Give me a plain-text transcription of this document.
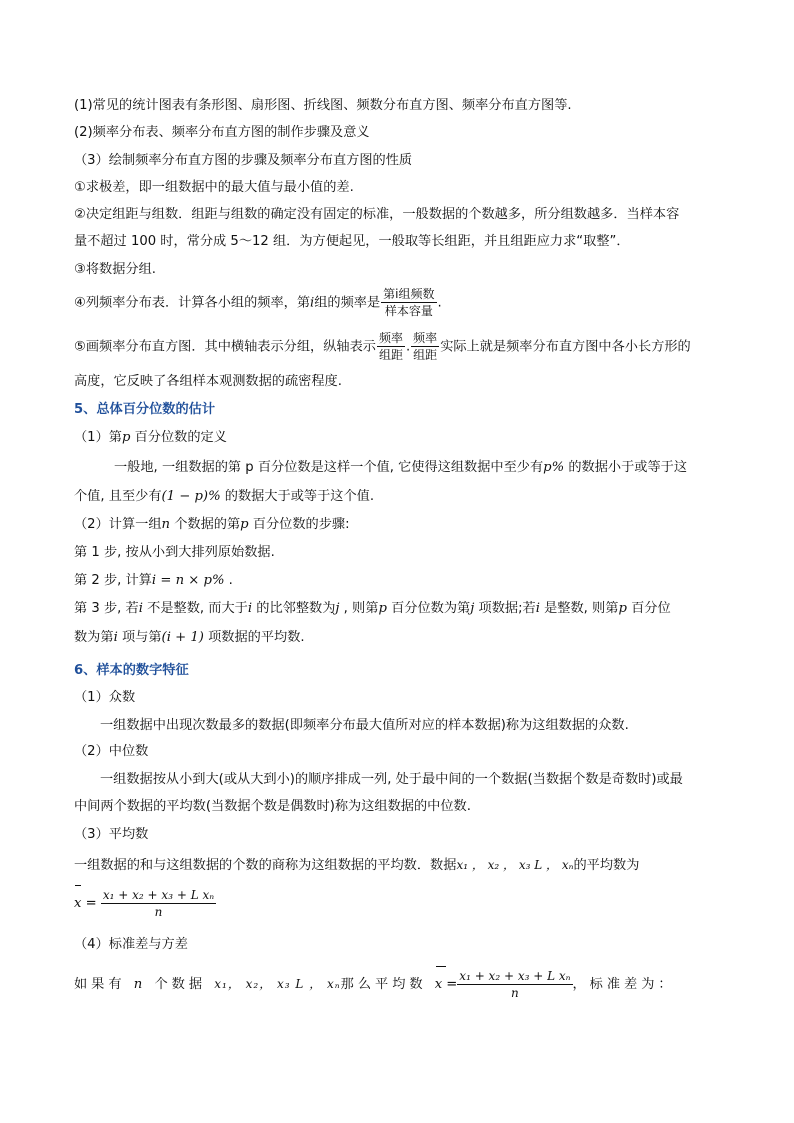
(1)常见的统计图表有条形图、扇形图、折线图、频数分布直方图、频率分布直方图等.
(2)频率分布表、频率分布直方图的制作步骤及意义
（3）绘制频率分布直方图的步骤及频率分布直方图的性质
①求极差，即一组数据中的最大值与最小值的差.
②决定组距与组数．组距与组数的确定没有固定的标准，一般数据的个数越多，所分组数越多．当样本容
量不超过 100 时，常分成 5～12 组．为方便起见，一般取等长组距，并且组距应力求“取整”．
③将数据分组.
④列频率分布表．计算各小组的频率，第i组的频率是 $\frac{\text{第i组频数}}{\text{样本容量}}$ .
⑤画频率分布直方图．其中横轴表示分组，纵轴表示 $\frac{\text{频率}}{\text{组距}}$ . $\frac{\text{频率}}{\text{组距}}$ 实际上就是频率分布直方图中各小长方形的
高度，它反映了各组样本观测数据的疏密程度.
5、总体百分位数的估计
（1）第p 百分位数的定义
一般地, 一组数据的第 p 百分位数是这样一个值, 它使得这组数据中至少有p% 的数据小于或等于这
个值, 且至少有(1 − p)% 的数据大于或等于这个值.
（2）计算一组n 个数据的第p 百分位数的步骤:
第 1 步, 按从小到大排列原始数据.
第 2 步, 计算i = n × p% .
第 3 步, 若i 不是整数, 而大于i 的比邻整数为j , 则第p 百分位数为第j 项数据;若i 是整数, 则第p 百分位
数为第i 项与第(i + 1) 项数据的平均数.
6、样本的数字特征
（1）众数
一组数据中出现次数最多的数据(即频率分布最大值所对应的样本数据)称为这组数据的众数.
（2）中位数
一组数据按从小到大(或从大到小)的顺序排成一列, 处于最中间的一个数据(当数据个数是奇数时)或最
中间两个数据的平均数(当数据个数是偶数时)称为这组数据的中位数.
（3）平均数
一组数据的和与这组数据的个数的商称为这组数据的平均数．数据x₁ ， x₂ ， x₃ L ， xₙ的平均数为
$x = \frac{\text{x₁ + x₂ + x₃ + L xₙ}}{n}$
（4）标准差与方差
如果有 n 个数据 x₁， x₂， x₃ L ， xₙ那么平均数 $x= \frac{\text{x₁ + x₂ + x₃ + L xₙ}}{n}$ ，标准差为：
